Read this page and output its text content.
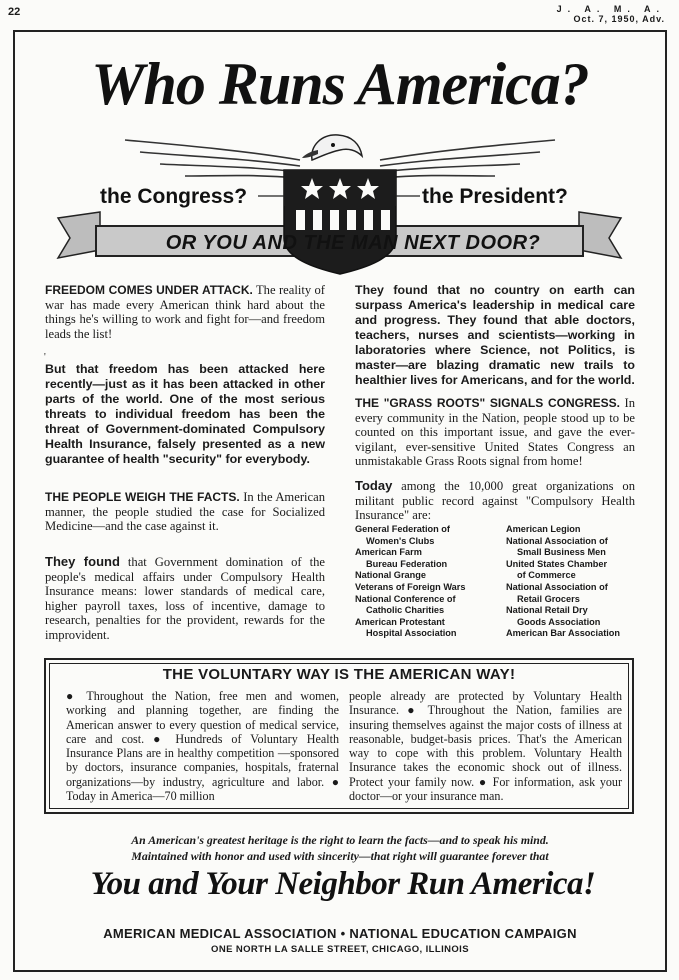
22	J. A. M. A.
Oct. 7, 1950, Adv.
Who Runs America?
the Congress?	the President?
OR YOU AND THE MAN NEXT DOOR?

FREEDOM COMES UNDER ATTACK. The reality of war has made every American think hard about the things he's willing to work and fight for—and freedom leads the list!

'
But that freedom has been attacked here recently—just as it has been attacked in other parts of the world. One of the most serious threats to individual freedom has been the threat of Government-dominated Compulsory Health Insurance, falsely presented as a new guarantee of health "security" for everybody.

THE PEOPLE WEIGH THE FACTS. In the American manner, the people studied the case for Socialized Medicine—and the case against it.

They found that Government domination of the people's medical affairs under Compulsory Health Insurance means: lower standards of medical care, higher payroll taxes, loss of incentive, damage to research, penalties for the provident, rewards for the improvident.

They found that no country on earth can surpass America's leadership in medical care and progress. They found that able doctors, teachers, nurses and scientists—working in laboratories where Science, not Politics, is master—are blazing dramatic new trails to healthier lives for Americans, and for the world.

THE "GRASS ROOTS" SIGNALS CONGRESS. In every community in the Nation, people stood up to be counted on this important issue, and gave the ever-vigilant, ever-sensitive United States Congress an unmistakable Grass Roots signal from home!

Today among the 10,000 great organizations on militant public record against "Compulsory Health Insurance" are:

General Federation of
Women's Clubs
American Farm
Bureau Federation
National Grange
Veterans of Foreign Wars
National Conference of
Catholic Charities
American Protestant
Hospital Association
American Legion
National Association of
Small Business Men
United States Chamber
of Commerce
National Association of
Retail Grocers
National Retail Dry
Goods Association
American Bar Association
THE VOLUNTARY WAY IS THE AMERICAN WAY!
● Throughout the Nation, free men and women, working and planning together, are finding the American answer to every question of medical service, care and cost. ● Hundreds of Voluntary Health Insurance Plans are in healthy competition —sponsored by doctors, insurance companies, hospitals, fraternal organizations—by industry, agriculture and labor. ● Today in America—70 million
people already are protected by Voluntary Health Insurance. ● Throughout the Nation, families are insuring themselves against the major costs of illness at reasonable, budget-basis prices. That's the American way to cope with this problem. Voluntary Health Insurance takes the economic shock out of illness. Protect your family now. ● For information, ask your doctor—or your insurance man.
An American's greatest heritage is the right to learn the facts—and to speak his mind.
Maintained with honor and used with sincerity—that right will guarantee forever that
You and Your Neighbor Run America!
AMERICAN MEDICAL ASSOCIATION • NATIONAL EDUCATION CAMPAIGN
ONE NORTH LA SALLE STREET, CHICAGO, ILLINOIS
